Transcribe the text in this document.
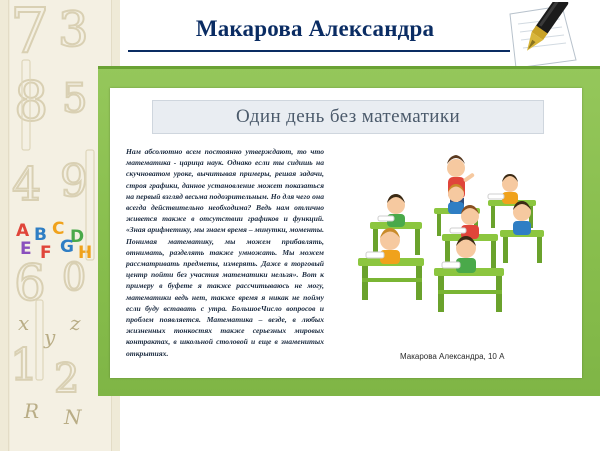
7 3
8 5
4 9
6 0
1 2
A B C D
E F G H
x
y
z
R N
Макарова Александра
Один день без математики
Нам абсолютно всем постоянно утверждают, то что математика - царица наук. Однако если ты сидишь на скучноватом уроке, вычитывая примеры, решая задачи, строя графики, данное установление может показаться на первый взгляд весьма подозрительным. Но для чего она всегда действительно необходима? Ведь нам отлично живется также в отсутствии графиков и функций. «Зная арифметику, мы знаем время – минутки, моменты. Понимая математику, мы можем прибавлять, отнимать, разделять также умножать. Мы можем рассматривать предметы, измерять. Даже в торговый центр пойти без участия математики нельзя». Вот к примеру в буфете я также рассчитываюсь не могу, математики ведь нет, также время я никак не пойму если буду вставать с утра. БольшоеЧисло вопросов и проблем появляется. Математика – везде, в любых жизненных тонкостях также серьезных мировых контрактах, в школьной столовой и еще в знаменитых открытиях.	Макарова Александра, 10 А
